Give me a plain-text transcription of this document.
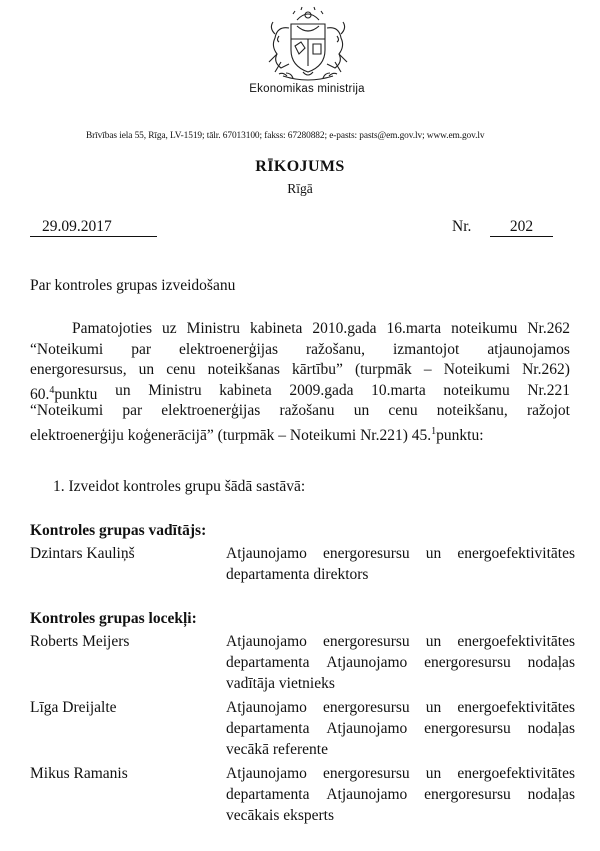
Ekonomikas ministrija
Brīvības iela 55, Rīga, LV-1519; tālr. 67013100; fakss: 67280882; e-pasts: pasts@em.gov.lv; www.em.gov.lv
RĪKOJUMS
Rīgā
29.09.2017	Nr.	202
Par kontroles grupas izveidošanu
Pamatojoties uz Ministru kabineta 2010.gada 16.marta noteikumu Nr.262
“Noteikumi par elektroenerģijas ražošanu, izmantojot atjaunojamos
energoresursus, un cenu noteikšanas kārtību” (turpmāk – Noteikumi Nr.262)
60.$^4$punktu un Ministru kabineta 2009.gada 10.marta noteikumu Nr.221
“Noteikumi par elektroenerģijas ražošanu un cenu noteikšanu, ražojot
elektroenerģiju koģenerācijā” (turpmāk – Noteikumi Nr.221) 45.$^1$punktu:
1. Izveidot kontroles grupu šādā sastāvā:
Kontroles grupas vadītājs:
Dzintars Kauliņš	Atjaunojamo energoresursu un energoefektivitātes
departamenta direktors
Kontroles grupas locekļi:
Roberts Meijers	Atjaunojamo energoresursu un energoefektivitātes
departamenta Atjaunojamo energoresursu nodaļas
vadītāja vietnieks
Līga Dreijalte	Atjaunojamo energoresursu un energoefektivitātes
departamenta Atjaunojamo energoresursu nodaļas
vecākā referente
Mikus Ramanis	Atjaunojamo energoresursu un energoefektivitātes
departamenta Atjaunojamo energoresursu nodaļas
vecākais eksperts
